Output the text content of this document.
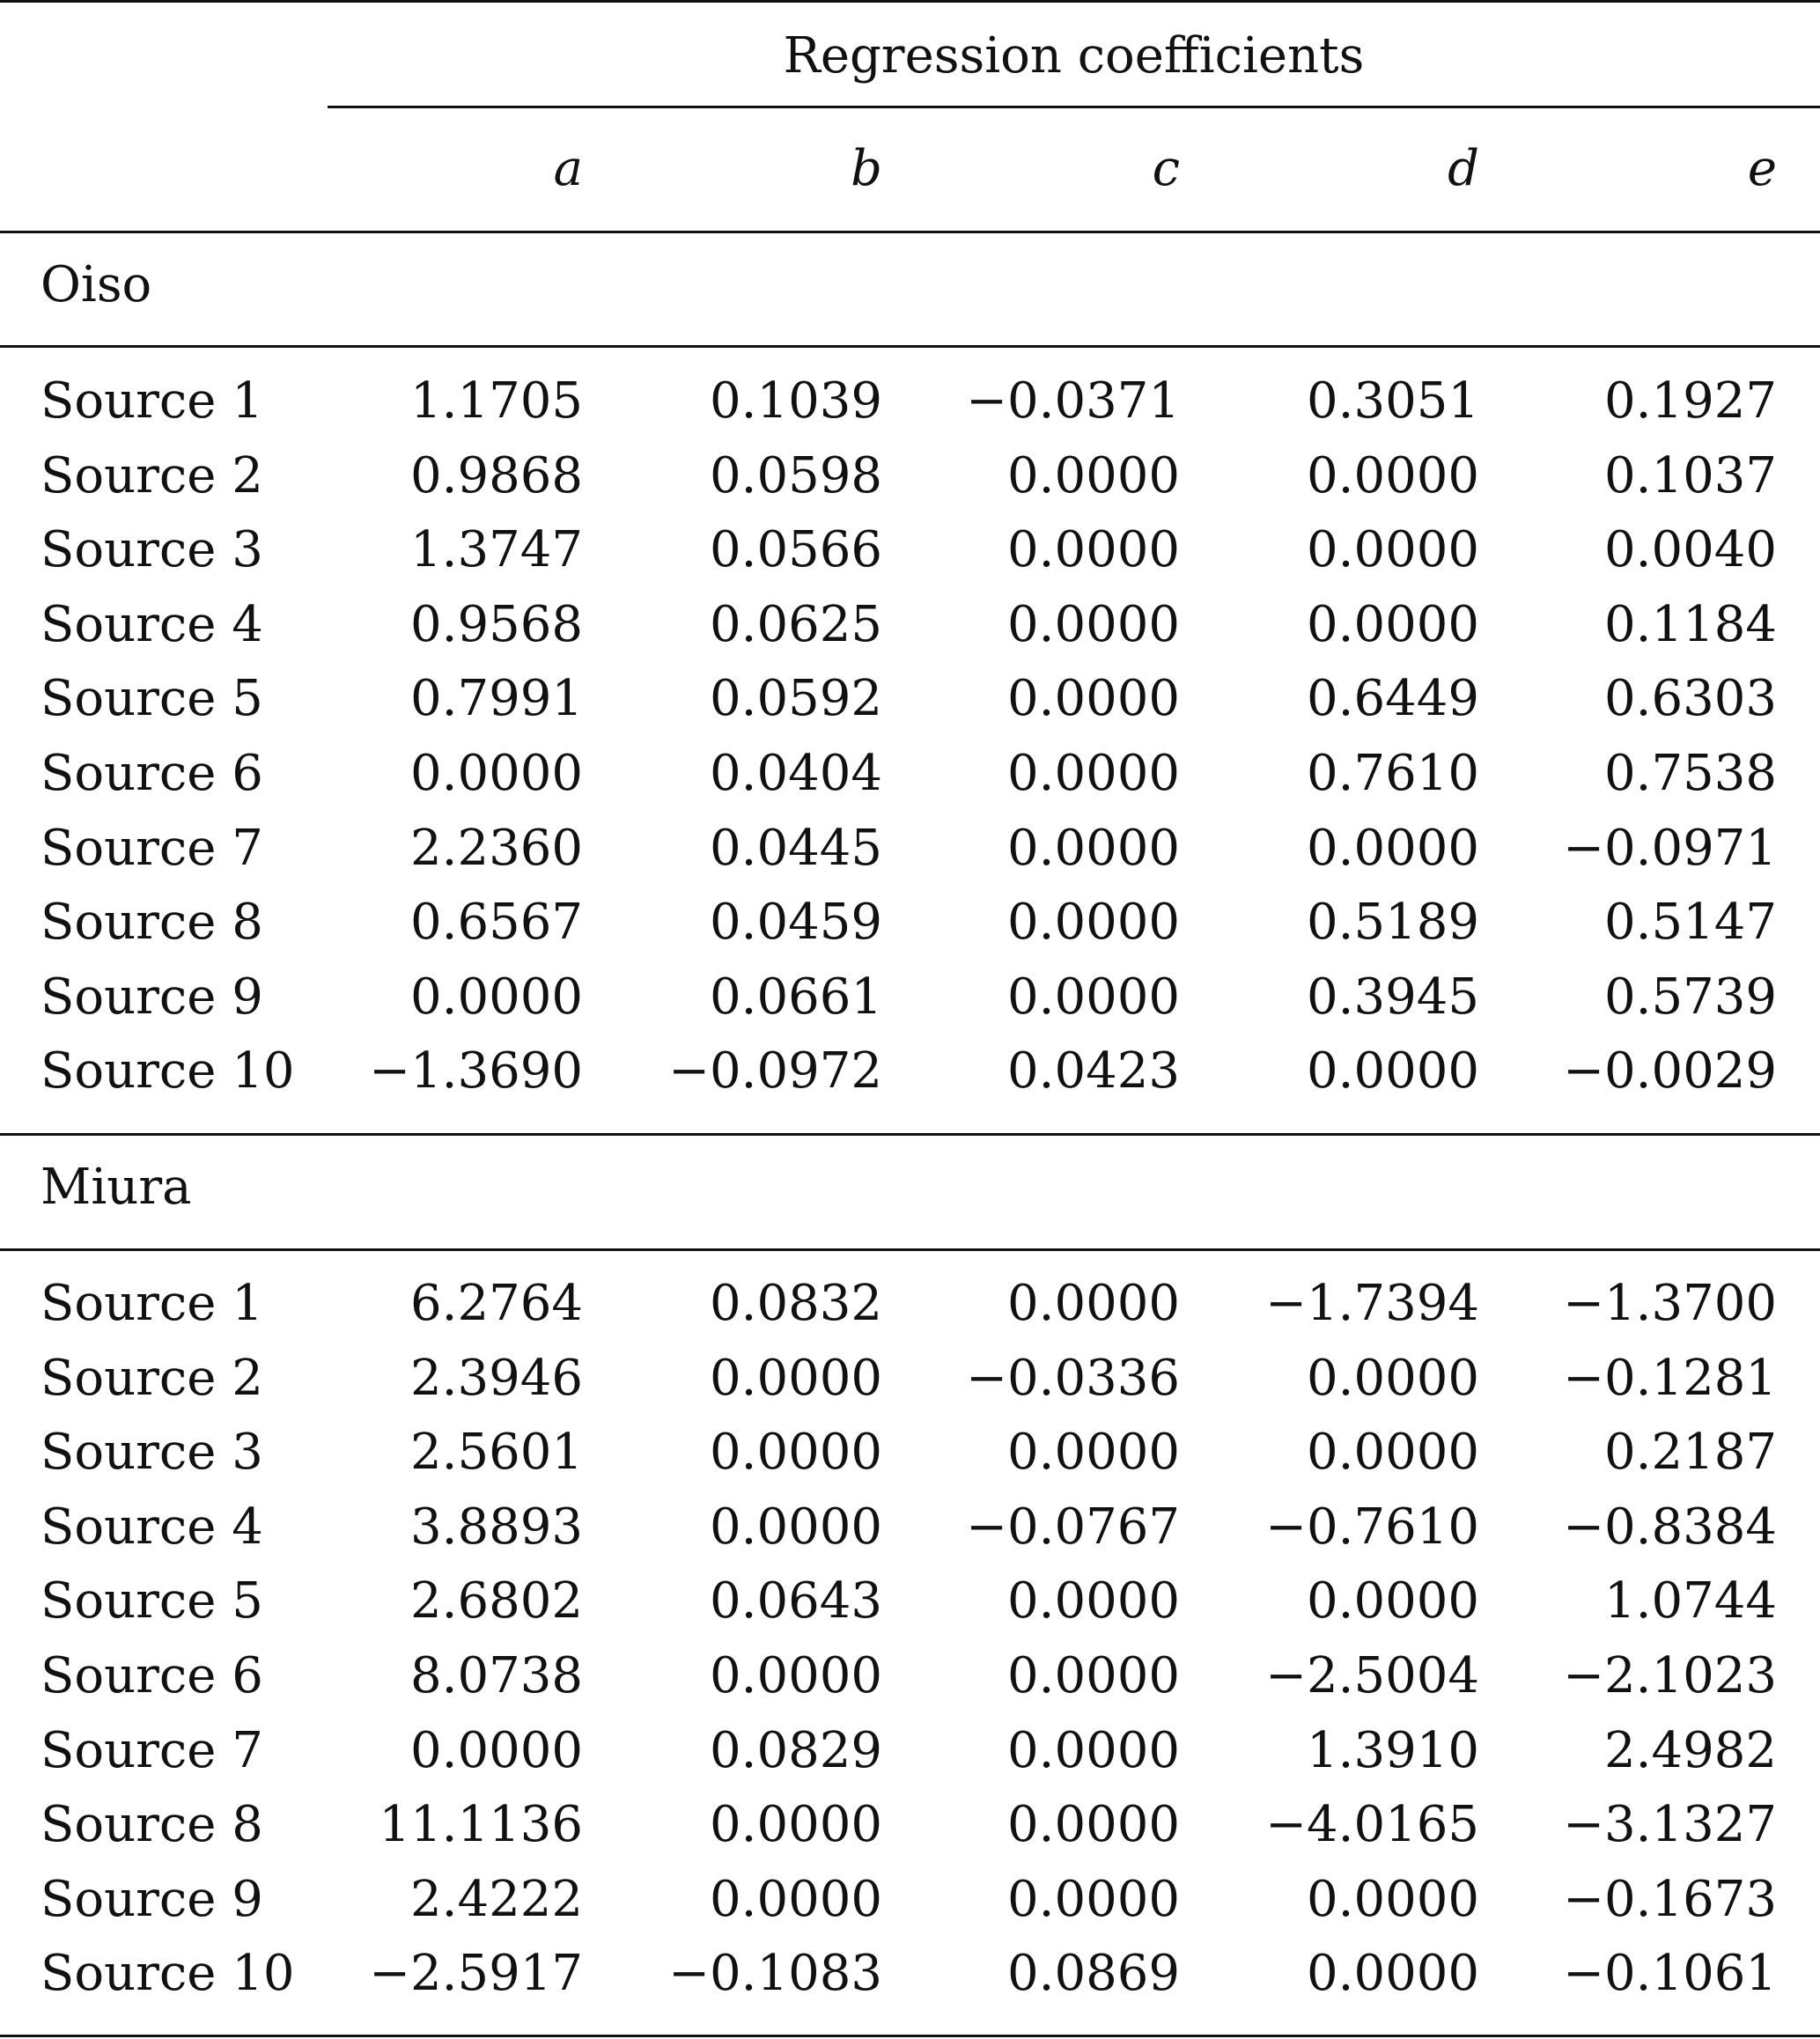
Regression coefficients
a	b	c	d	e
Oiso
Source 1	1.1705	0.1039 −0.0371	0.3051	0.1927
Source 2	0.9868	0.0598	0.0000	0.0000	0.1037
Source 3	1.3747	0.0566	0.0000	0.0000	0.0040
Source 4	0.9568	0.0625	0.0000	0.0000	0.1184
Source 5	0.7991	0.0592	0.0000	0.6449	0.6303
Source 6	0.0000	0.0404	0.0000	0.7610	0.7538
Source 7	2.2360	0.0445	0.0000	0.0000 −0.0971
Source 8	0.6567	0.0459	0.0000	0.5189	0.5147
Source 9	0.0000	0.0661	0.0000	0.3945	0.5739
Source 10 −1.3690 −0.0972	0.0423	0.0000 −0.0029
Miura
Source 1	6.2764	0.0832	0.0000 −1.7394 −1.3700
Source 2	2.3946	0.0000 −0.0336	0.0000 −0.1281
Source 3	2.5601	0.0000	0.0000	0.0000	0.2187
Source 4	3.8893	0.0000 −0.0767 −0.7610 −0.8384
Source 5	2.6802	0.0643	0.0000	0.0000	1.0744
Source 6	8.0738	0.0000	0.0000 −2.5004 −2.1023
Source 7	0.0000	0.0829	0.0000	1.3910	2.4982
Source 8 11.1136	0.0000	0.0000 −4.0165 −3.1327
Source 9	2.4222	0.0000	0.0000	0.0000 −0.1673
Source 10 −2.5917 −0.1083	0.0869	0.0000 −0.1061
